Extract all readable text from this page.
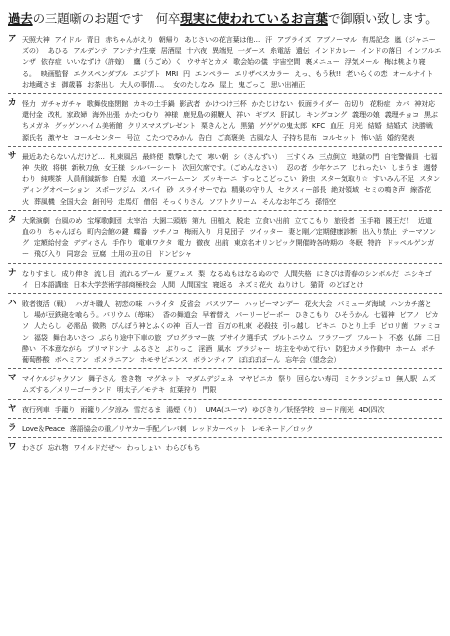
過去の三題噺のお題です　何卒現実に使われているお言葉で御願い致します。
ア 天照大神 アイドル 青日 赤ちゃんがえり 朝帰り あじさいの花言葉は他… 汗 アプライズ アブノーマル 有馬記念 嵐（ジャニーズの） あひる アルデンテ アンテナ/生豪 居酒屋 十六夜 異端児 一ダース 糸電話 遺伝 インドカレー インドの落日 インフルエンザ 依存症 いいなずけ（許嫁） 鷹（うごめ）く ウサギとカメ 歌会始の儀 宇宙空間 裏メニュー 浮気メール 梅は桃より寝る。 映画監督 エクスペンダブル エジプト MRI 円 エンペラー エリザベスカラー えっ、もう秋!! 老いらくの恋 オールナイトお地蔵さま 御歳暮 お茶出し 大人の事情…。 女のたしなみ 屋上 鬼ごっこ 思い出補正
カ 怪力 ガチャガチャ 歌舞伎座閉館 カキの土手鍋 影武者 かけつけ三杯 かたじけない 仮面ライダー 缶切り 花粉症 カバ 神対応還付金 改札 家政婦 海外出張 かたつむり 神様 鹿児島の銀鞭人 祥い ギブス 肝試し キングコング 義理の娘 義理チョコ 黒ぶちメガネ グッゲンハイム美術館 クリスマスプレゼント 栗きんとん 黒猫 ゲゲゲの鬼太郎 KFC 血圧 月光 結婚 結婚式 決勝戦源氏名 激ヤセ コールセンター 号泣 こたつでみかん 告白 ご高褒美 古風な人 子持ち昆布 コルセット 怖い話 婚約発表
サ 最近あたらないんだけど… 札束風呂 最終便 数撃したて 寒い朝 シ（さんずい） 三すくみ 三点倒立 地獄の門 自宅警備員 七福神 失敗 将棋 新秋刀魚 女王様 シルバーシート 次回欠席です。（ごめんなさい） 忍の者 少年ケニア じれったい しまうま 週替わり 純喫茶 人員削減新参 白髪 水道 スーパームーン ズッキーニ すっとこどっこい 鈴虫 スター気取り☆ すいみん不足 スタンディングオベーション スポーツジム スパイ 砂 スライサーでね 精巣の守り人 セクスィー部長 絶対領域 セミの鳴き声 線香花火 葬風機 全国大会 創刊号 走馬灯 僧侶 そっくりさん ソフトクリーム そんなお年ごろ 孫悟空
タ 大衆演劇 台風のめ 宝塚歌劇団 太宰治 大園二頭筋 第九 田植え 脱走 立食い出前 立てこもり 旅役者 玉手箱 國王だ！ 近道血のり ちゃんぽら 町内会館の鍵 蝶番 ツチノコ 梅雨入り 月見団子 ツイッター 妻と剛／定期健康診断 出入り禁止 テーマソング 定額給付金 デディさん 手作り 電車ワクタ 電力 徹夜 出前 東京名オリンピック開催時各時期の 冬眠 特許 ドッペルゲンガー 飛び入り 同窓会 豆腐 土用の丑の日 ドンピシャ
ナ なりすまし 成り伸き 流し目 流れるプール 夏フェス 梨 なるぬもはなるぬので 人間失格 にきびは青春のシンボルだ ニシキゴイ 日本語講座 日本大学芸術学部商極校会 人間 人間国宝 寝返る ネズミ花火 ねりけし 猫背 のどぼとけ
ハ 敗者復活（戦） ハガキ職人 初恋の味 ハライタ 反省会 パスツアー ハッピーマンデー 花火大会 バミューダ海域 ハンカチ落とし 場が豆鉄砲を喰らう。バリウム（苺味） 香の舞道会 早着替え パーリーピーポー ひきこもり ひそうかん 七福神 ビアノ ピカソ 人たらし 必需品 微熱 ぴんぼう神とふくの神 百人一首 百万の札束 必殺技 引っ越し ビキニ ひとり上手 ピロリ菌 ファミコン 福袋 舞台あいさつ ぶらり途中下車の旅 ブログラマー族 ブサイク選手式 プルトニウム フラフープ フルート 不惑 仏師 二日酔い 不本意ながら プリマドンナ ふるさと ぶりっこ 淫酒 風水 ブラジャー 坊主をやめて行い 防犯カメラ作動中 ホーム ポチ葡萄酢酸 ボヘミアン ポメラニアン ホモサピエンス ボランティア ぽぽぽぽーん 忘年会（望念会）
マ マイケルジャクソン 舞子さん 巻き物 マグネット マダムデジェネ マヤピニカ 祭り 回らない寿司 ミケランジェロ 無人駅 ムズムズする／メリーゴーランド 明太子／モテキ 紅葉狩り 門限
ヤ 夜行列車 手籠り 雨籠り／夕涼み 雪だるま 湯煙（り） UMA(ユーマ) ゆびきり／妖怪学校 ヨード削光 4D(四次
ラ Love＆Peace 落語協会の重／リヤカー手配／レバ刺 レッドカーペット レモネード／ロック
ワ わさび 忘れ物 ワイルドだぜ〜 わっしょい わらびもち
